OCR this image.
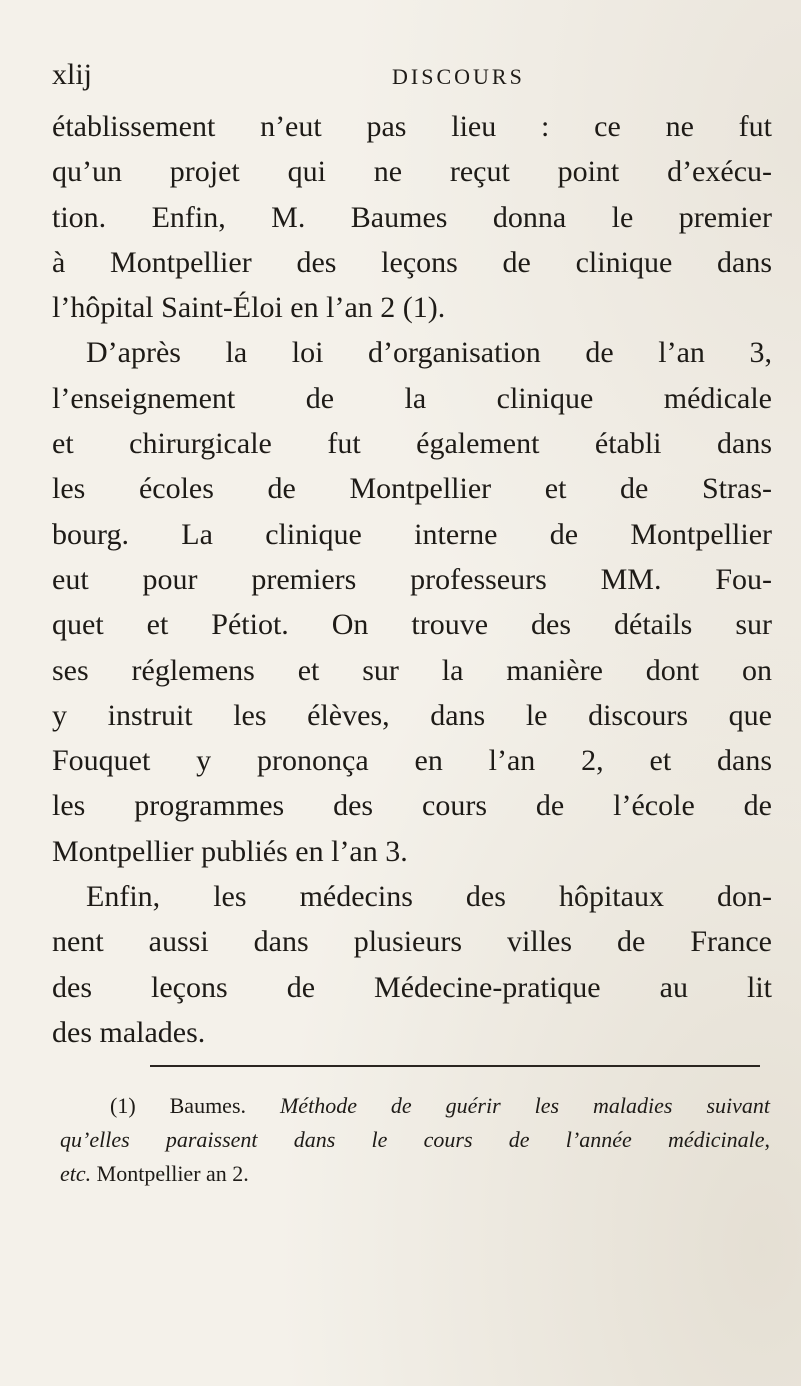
xlij	DISCOURS
établissement n’eut pas lieu : ce ne fut
qu’un projet qui ne reçut point d’exécu-
tion. Enfin, M. Baumes donna le premier
à Montpellier des leçons de clinique dans
l’hôpital Saint-Éloi en l’an 2 (1).
D’après la loi d’organisation de l’an 3,
l’enseignement de la clinique médicale
et chirurgicale fut également établi dans
les écoles de Montpellier et de Stras-
bourg. La clinique interne de Montpellier
eut pour premiers professeurs MM. Fou-
quet et Pétiot. On trouve des détails sur
ses réglemens et sur la manière dont on
y instruit les élèves, dans le discours que
Fouquet y prononça en l’an 2, et dans
les programmes des cours de l’école de
Montpellier publiés en l’an 3.
Enfin, les médecins des hôpitaux don-
nent aussi dans plusieurs villes de France
des leçons de Médecine-pratique au lit
des malades.
(1) Baumes. Méthode de guérir les maladies suivant
qu’elles paraissent dans le cours de l’année médicinale,
etc. Montpellier an 2.
